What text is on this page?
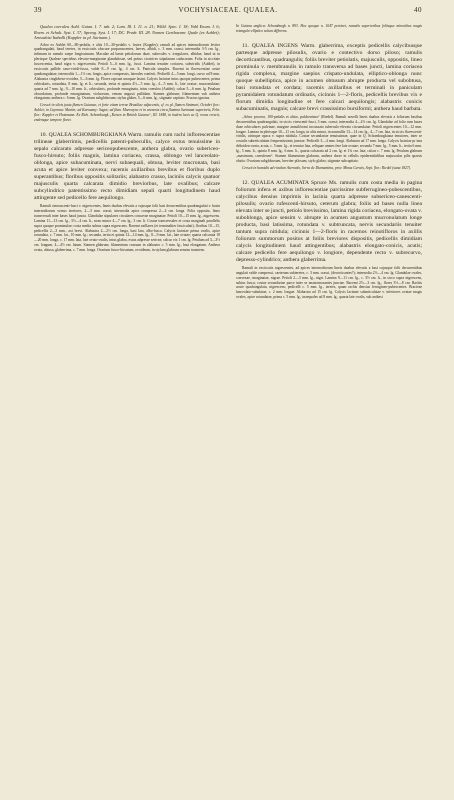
39	VOCHYSIACEAE. QUALEA.	40

Qualea coerulea Aubl. Guian. I. 7. tab. 2; Lam. Ill. I. 11. n. 21; Willd. Spec. I. 18; Vahl Enum. I. 6; Roem. et Schult. Syst. I. 37; Spreng. Syst. I. 17; DC. Prodr. III. 28. Nomen Caribaeum: Quale (ex Aublet); Arowabisi Itaballi (Kappler in pl. Surinam.).

Arbor ex Aublet 60—80-pedalis, e altis 10—30-pedalis v. frutex (Kappler); ramuli ad apices internodiorum leviter quadrangulati, baud teretes, in exsiccatis obscure purpurascentes, laeves, albidi, c. 3 mm. crassi; internodia 3-5 cm. lg., infimum in ramulo saepe longissimum. Maculae ad basin petiolorum duae, subovales v. irregulares, albidae, haud ut in plerisque Qualeae speciebus elevato-marginatae glandulosae, sed potius cicatrices stipularum caducarum. Folia in siccitate fuscescentia, haud nigra v. nigrescentia. Petioli 5—6 mm. lg., fusci. Lamina tenuiter coriacea, subviridis (Aublet), in exsiccatis pallide cano-viridi-fusca, valde 8—9 cm. lg., 4 cm. lt. Panicula simplex. Racemi in florescentiae acute quadrangulatae, internodiis 1—1½ cm. longis, apice compressis, laterales conferti. Pedicelli 4—5 mm. longi, curvo ad 8 mm. Alabastra cinglobeso-ovoidea, 5—6 mm. lg. Flores rapcunt unaquae lasint. Calycis laciniae intus quoque pubescentes; prima orbicularis, rotundata, 8 mm. lg. et lt.; secunda, tertia et quinta 4½—5 mm. lg., 4—5 mm. lt., late ovatae, mucronulatae; quarta ad 7 mm. lg., 9—10 mm. lt., orbicularis, profunde emarginata, intus coerulea (Aublet); calcar 5—6 mm. lg. Petalum obcordatum, profunde emarginatum, violaceum, venam angusti pallidam. Stamen glabrum; filamentum sub anthera elongatum; anthera c. 6 mm. lg. Ovarium subglobosum; stylus glaber, 5—6 mm. lg., stigmate capitato. Fructus ignotus.

Crescit in silvis juxta flumen Guianae, et forte etiam terrae Brasiliae adjacentis, cf. ex pl. flumen Sinimari, Octobri fior.: Aublet; in Cayenna: Martin; ad Karouany: Sagot; ad flum. Marowyne et in arenosis circa flumina Surinami superioris, Febr. flor.: Kappler et Hostmann. Ex Rich. Schomburgk „Reisen in British Guiana“, III. 1848, in iisdem locis ac Q. rosea crescit, endemque tempore floret.

10. QUALEA SCHOMBURGKIANA Warm. ramulis cum rachi inflorescentiae trilineae glaberrimis, pedicellis patenti-pubecullis, calyce extus tenuissime in sepalo calcarato adpresse sericeopubescente, anthera glabra, ovario subericeo-fusco-hirsuto; foliis magnis, lamina coriacea, crassa, oblongo vel lanceolato-oblonga, apice subacuminata, nervi subaequali, obtusa, leviter mucronata, basi acuta et apice leviter convexa; racemis axillaribus brevibus et floribus duplo superantibus; floribus oppositis solitariis; alabastro crasso, laciniis calycis quatuor majusculis quarta calcarata dimidio breviorbus, late ovalibus; calcare subcylindrico patentissimo recto dimidiam sepali quarti longitudinem haud attingente sed pedicello fere aequilongo.

Ramuli cinerascenti-fusci v. nigrescentes, lineis duabus elevatis a cujusque folii basi decurrentibus quadrangulati v. basin internodiorum versus tereiores, 2—3 mm. crassi; internodia apice compressa 2—4 cm. longa. Folia opposita, lineo transversali inter bases haud juncta. Glandulae stipulares circulares concavae marginatae. Petioli 10—15 mm. lg., nigrescens. Lamina 11—13 cm. lg., 3½—4 cm. lt., nonc minor 4—7 cm. lg., 3 cm. lt. Costae transversales et costa marginali parallelis supra quoque prominulae; costa media subtus supra nigrescens. Racemi axillares (et terminaliter fasciculati); floribus 10—15, pedicellis 2—3 mm., axi brevi. Alabastra 2—2½ cm. longa, basi lata, albo-fusca. Calycis laciniae prima ovalis, apice rotundata, c. 7 mm. lat., 10 mm. lg.; secunda, tertia et quinta 12—14 mm. lg., 8—9 mm. lat., late ovatae; quarta calcarata 18—20 mm. longa, c. 17 mm. lata, late ovato-ovalis, intus glabra, extus adpresse sericea; calcar vix 1 cm. lg. Petalum ad 3—3½ cm. longum, 4—4½ cm. latum. Stamen glabrum; filamentum crassum in alabastro c. 5 mm. lg., basi elongatum. Anthera ovata, obtusa, glaberrima, c. 7 mm. longa. Ovarium fusco-hirsutum, ovoideum, in stylum glabrum sensim transiens.

In Guiana anglica: Schomburgk n. 893. Hoc quoque n. 1047 pertinet, ramulis superioribus foliisque minoribus magis triangulo-elliptico solum differens.

11. QUALEA INGENS Warm. glaberrima, exceptis pedicellis calycibusque partesque adpresse pilosulis, ovario e contectivo dorso piloso; ramulis decorticantibus, quadrangulis; foliis breviter petiolatis, majusculis, oppositis, lineo prominula v. membranulis in ramulo transversa ad bases juncti, lamina coriacea rigida complexa, margine saepius crispato-undulata, elliptico-oblonga nunc quoque subelliptica, apice in acumen obtusum abrupte producta vel subobtusa, basi rotundata et cordata; racemis axillaribus et terminali in paniculam pyramidalem rotundatum ordinatis, cicinnis 1—2-floris, pedicellis brevibus vix e florum dimidia longitudine et fere calcari aequilongis; alabastris conicis subacuminatis, magnis; calcare brevi crassissimo bursiformi; anthera haud barbata.

„Arbor procera, 100-pedalis et altior, pulcherrima“ (Riedel). Ramuli novelli lineis duabus elevatis a foliorum basibus decurrentibus quadrangulati, in siccis virescenti-fusci, 3 mm. crassi; internodia 4—4½ cm. lg. Glandulae ad folio rum bases duae orbiculares pulvinae, margine annuliformi incrassato tuberculo-elevata circumdatae. Petioli nigrescentes 10—12 mm. longae. Lamina in plerisque 10—11 cm. longa, in aliis minor, in nonnullis 13—14 cm. lg., 4—7 cm. lata, in siccis flavescenti-viridis, utrinque opaca v. supra nitidula. Costae secundariae tenuissimae, quae in Q. Schomburgkiana tenuiores, inter se costulis subreticulatim frequentissimis junctae. Pedicelli 3—4 mm. longi. Alabastra ad 17 mm. longa. Calycis laciniae pr ima deltoidea-ovata, acuta, c. 5 mm. lg., et tenuior lata, reliquae omnes fere late ovatae; secunda 7 mm. lg., 5 mm. lt., tertia 6 mm. lg., 5 mm. lt., quinta 8 mm. lg., 6 mm. lt., quarta calcarata ad 2 cm. lg. et 1¾ cm. lata; calcar c. 7 mm. lg. Petalum glabrum „maximum, coeruleum“. Stamen filamentum glabrum, anthera dorse in cellulis epidermidalibus majusculas pilis sparsis obsita. Ovarium subglobosum, breviter pilosum, stylo glabro, stigmate subcapitato.

Crescit in humidis ad rivulum Aterrado, Serra de Diamantina, prov. Minas Geraës, Sept. flor.: Riedel (sana 1827).

12. QUALEA ACUMINATA Spruce Ms. ramulis cum costa media in pagina foliorum infera et axibus inflorescentiae parcissime subferrugineo-pubescentibus, calycibus densius imprimis in lacinia quarta adpresse subsericeo-canescenti-pilosulis; ovario rufescenti-hirsuto, ceterum glabra; foliis ad bases nulla linea elevata inter se juncti, petiolo brevissimo, lamina rigida coriacea, elongato-ovata v. suboblonga, apice sensim v. abrupte in acumen angustum mucronulatum longe producta, basi latissima, rotundata v. subtruncata, nervis secundariis tenuiter tantum supra nitidula; cicinnis 1—2-floris in racemos reinotifloros in axillis foliorum summorum positos at foliis breviores dispositis, pedicellis dimidiam calycis longitudinem haud attingentibus; alabastris elongato-conicis, acutis; calcare pedicello fere aequilongo v. longiore, dependente recto v. subrecurvo, depresso-cylindrico; anthera glaberrima.

Ramuli in exsiccatis nigrescentes, ad apices internodiorum lineis duabus elevatis a basi cujusque folii decurrentibus angulati valde compressi, caeterum subteretes, c. 3 mm. crassi, (decorticantes?); internodia 2½—4 cm. lg. Glandulae ovales, convexae, marginatae, nigrae. Petioli 2—3 mm. lg., nigri. Lamina 9—11 cm. lg., c. 3½ cm. lt., in sicco supra nigrescens, subtus fusca; costae secundariae parce inter se anastomosantes junctae. Racemi 2½—3 cm. lg., flores 3½—8 cm. Rachis acute quadrangulata, nigrescens; pedicelli c. 5 mm. lg., teretes, quam rachis densius ferrugineo-pubescentes. Bracteae lanceolato-subulatae, c. 2 mm. longae. Alabastra ad 15 cm. lg. Calycis laciniae subarticulatae v. inferiores ovatae magis ovales, apice rotundatae, prima c. 5 mm. lg., inaequales ad 8 mm. lg., quarta late ovalis, sub anthesi
